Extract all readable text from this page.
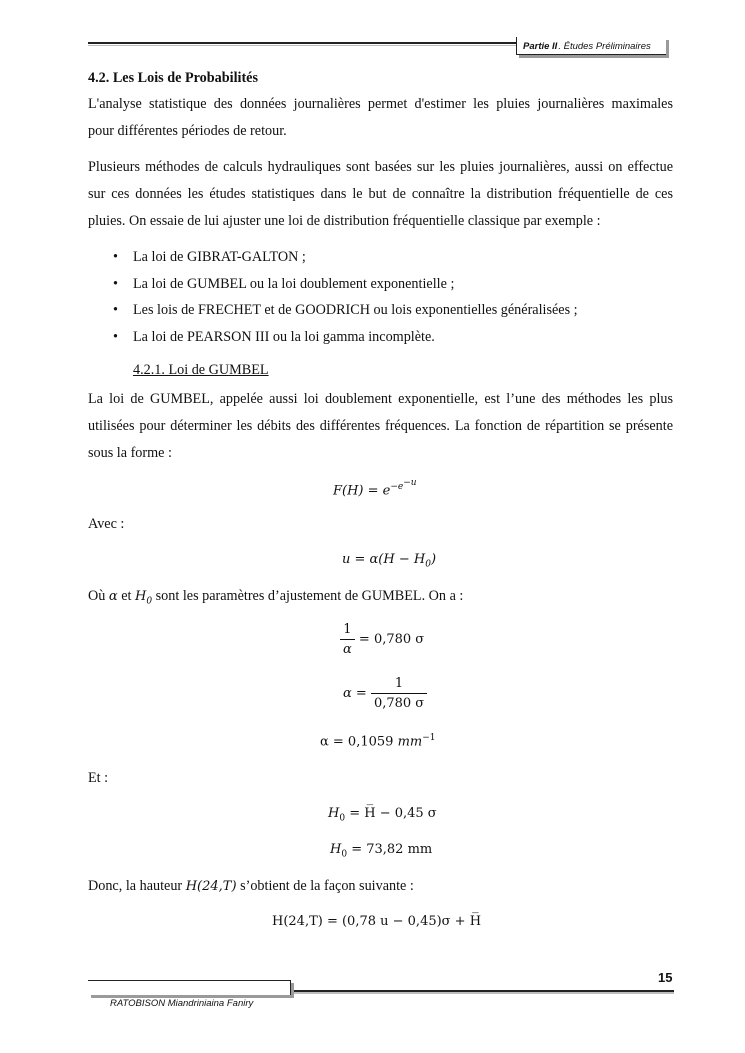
Partie II . Études Préliminaires
4.2. Les Lois de Probabilités
L'analyse statistique des données journalières permet d'estimer les pluies journalières maximales
pour différentes périodes de retour.
Plusieurs méthodes de calculs hydrauliques sont basées sur les pluies journalières, aussi on effectue sur ces données les études statistiques dans le but de connaître la distribution fréquentielle de ces pluies. On essaie de lui ajuster une loi de distribution fréquentielle classique par exemple :
• La loi de GIBRAT-GALTON ;
• La loi de GUMBEL ou la loi doublement exponentielle ;
• Les lois de FRECHET et de GOODRICH ou lois exponentielles généralisées ;
• La loi de PEARSON III ou la loi gamma incomplète.
4.2.1. Loi de GUMBEL
La loi de GUMBEL, appelée aussi loi doublement exponentielle, est l’une des méthodes les plus utilisées pour déterminer les débits des différentes fréquences. La fonction de répartition se présente sous la forme :
$F(H) = e^{-e^{-u}}$
Avec :
$u = \alpha(H - H_0)$
Où α et $H_0$ sont les paramètres d’ajustement de GUMBEL. On a :
$\frac{1}{\alpha} = 0,780$ σ
$\alpha = \frac{1}{0,780 \sigma}$
α = 0,1059 $mm^{-1}$
Et :
$H_0$ = H̅ − 0,45 σ
$H_0 = 73,82$ mm
Donc, la hauteur H(24,T) s’obtient de la façon suivante :
H(24,T) = (0,78 u − 0,45)σ + H̅
15
RATOBISON Miandriniaina Faniry
